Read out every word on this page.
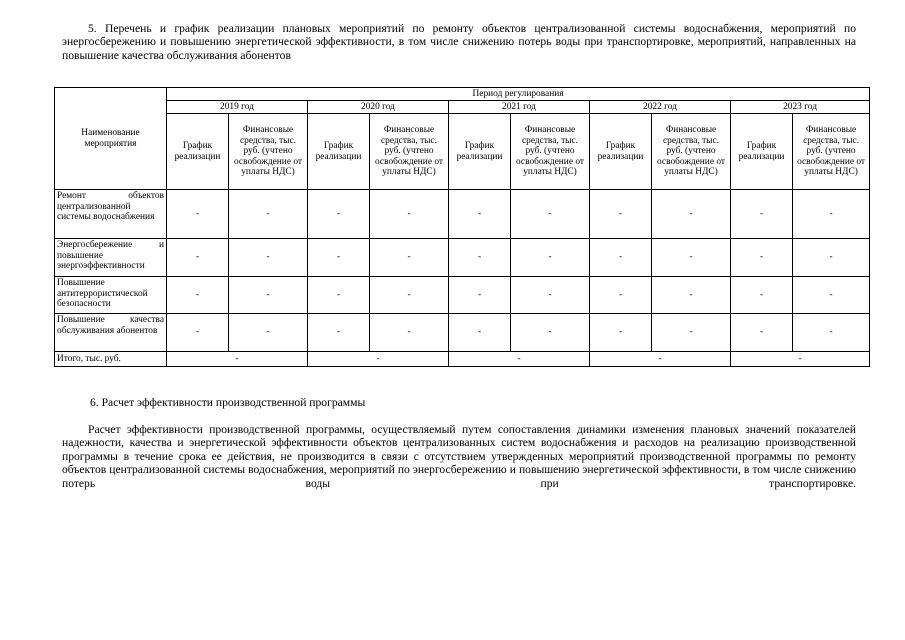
5. Перечень и график реализации плановых мероприятий по ремонту объектов централизованной системы водоснабжения, мероприятий по энергосбережению и повышению энергетической эффективности, в том числе снижению потерь воды при транспортировке, мероприятий, направленных на повышение качества обслуживания абонентов

Наименование мероприятия	Период регулирования									
	2019 год		2020 год		2021 год		2022 год		2023 год	
	График реализации	Финансовые средства, тыс. руб. (учтено освобождение от уплаты НДС)	График реализации	Финансовые средства, тыс. руб. (учтено освобождение от уплаты НДС)	График реализации	Финансовые средства, тыс. руб. (учтено освобождение от уплаты НДС)	График реализации	Финансовые средства, тыс. руб. (учтено освобождение от уплаты НДС)	График реализации	Финансовые средства, тыс. руб. (учтено освобождение от уплаты НДС)
Ремонт объектов централизованной системы водоснабжения	-	-	-	-	-	-	-	-	-	-
Энергосбережение и повышение энергоэффективности	-	-	-	-	-	-	-	-	-	-
Повышение антитеррористической безопасности	-	-	-	-	-	-	-	-	-	-
Повышение качества обслуживания абонентов	-	-	-	-	-	-	-	-	-	-
Итого, тыс. руб.	-		-		-		-		-	

6. Расчет эффективности производственной программы

Расчет эффективности производственной программы, осуществляемый путем сопоставления динамики изменения плановых значений показателей надежности, качества и энергетической эффективности объектов централизованных систем водоснабжения и расходов на реализацию производственной программы в течение срока ее действия, не производится в связи с отсутствием утвержденных мероприятий производственной программы по ремонту объектов централизованной системы водоснабжения, мероприятий по энергосбережению и повышению энергетической эффективности, в том числе снижению потерь воды при транспортировке.
